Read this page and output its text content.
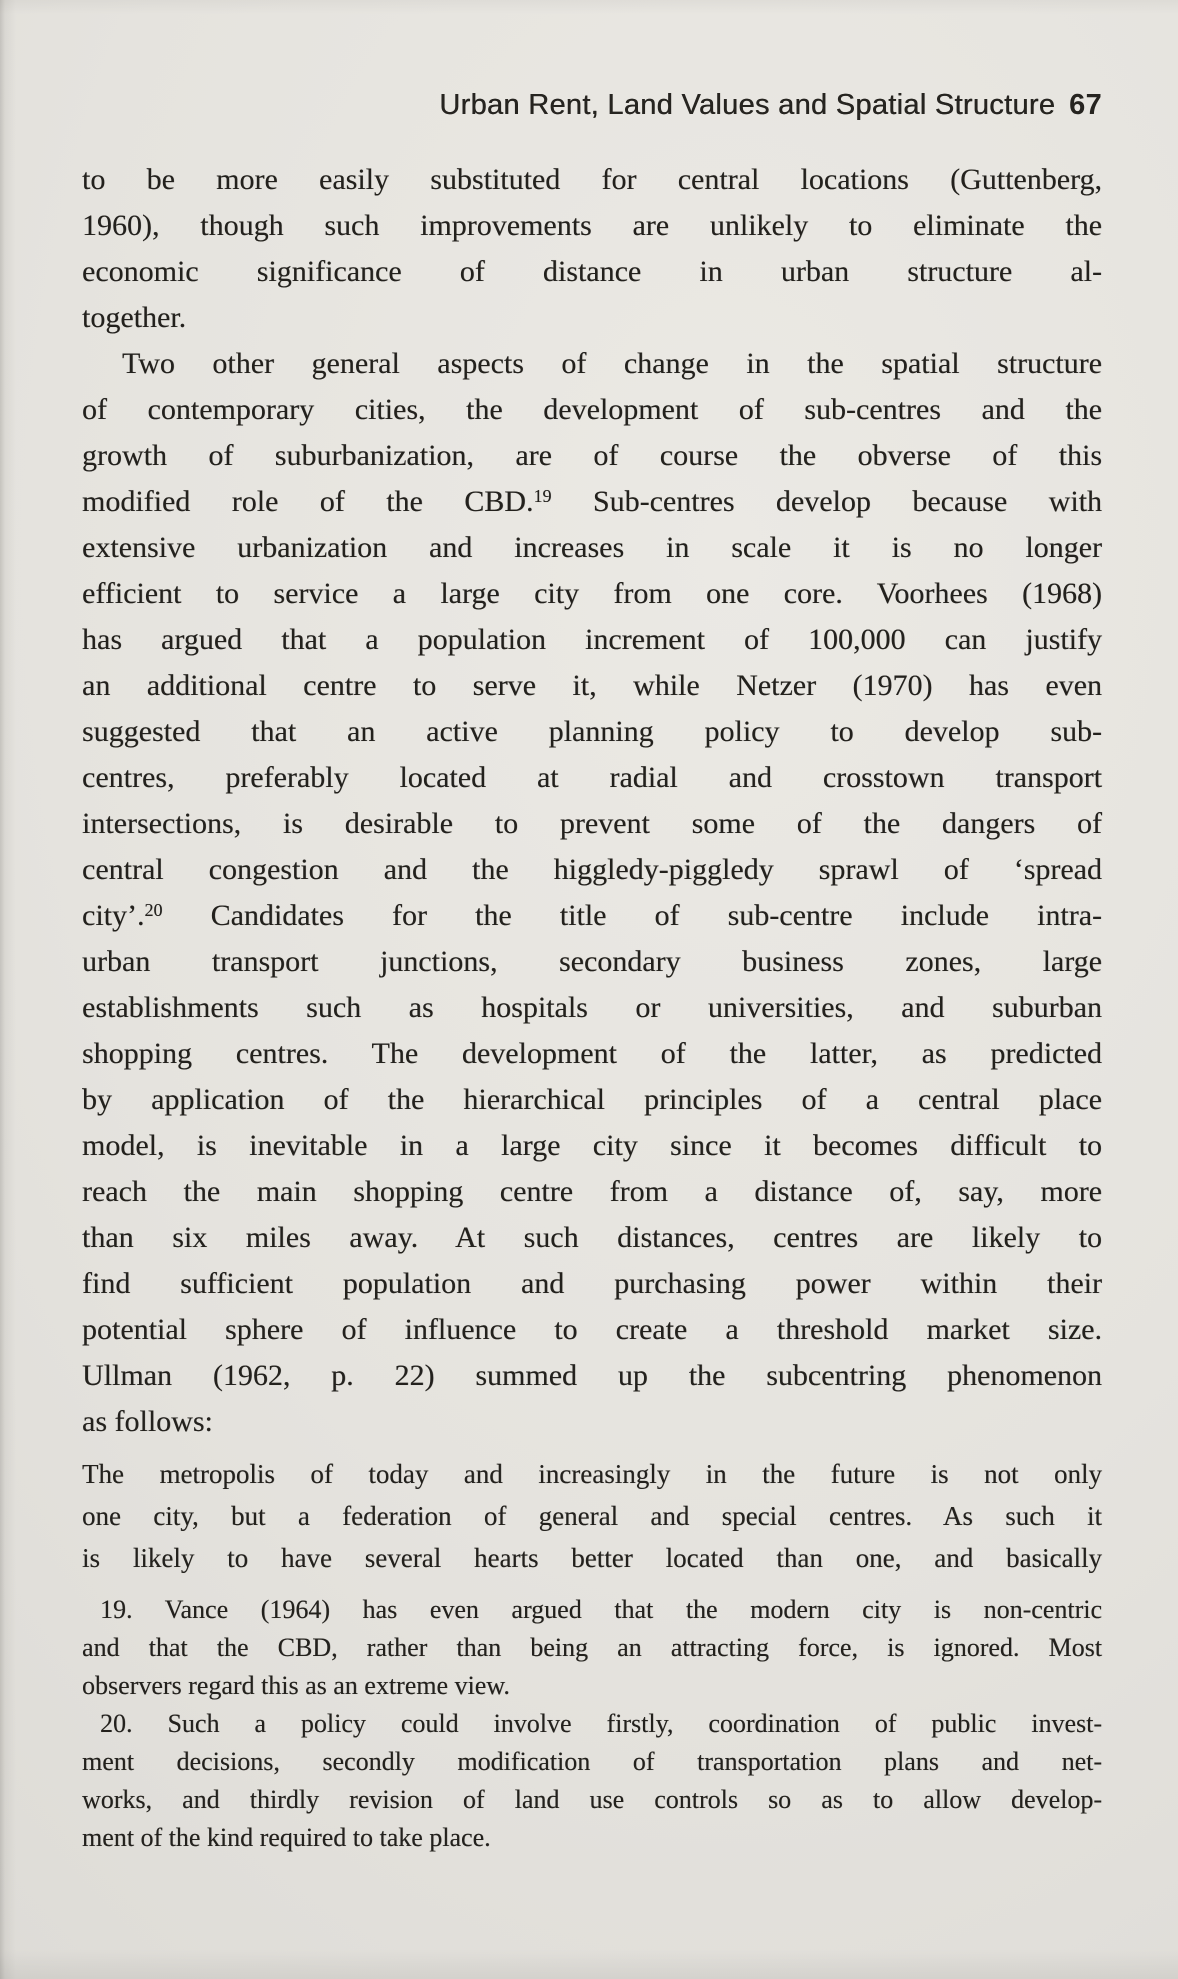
Urban Rent, Land Values and Spatial Structure 67
to be more easily substituted for central locations (Guttenberg,
1960), though such improvements are unlikely to eliminate the
economic significance of distance in urban structure al-
together.
Two other general aspects of change in the spatial structure
of contemporary cities, the development of sub-centres and the
growth of suburbanization, are of course the obverse of this
modified role of the CBD.$^{19}$ Sub-centres develop because with
extensive urbanization and increases in scale it is no longer
efficient to service a large city from one core. Voorhees (1968)
has argued that a population increment of 100,000 can justify
an additional centre to serve it, while Netzer (1970) has even
suggested that an active planning policy to develop sub-
centres, preferably located at radial and crosstown transport
intersections, is desirable to prevent some of the dangers of
central congestion and the higgledy-piggledy sprawl of ‘spread
city’.$^{20}$ Candidates for the title of sub-centre include intra-
urban transport junctions, secondary business zones, large
establishments such as hospitals or universities, and suburban
shopping centres. The development of the latter, as predicted
by application of the hierarchical principles of a central place
model, is inevitable in a large city since it becomes difficult to
reach the main shopping centre from a distance of, say, more
than six miles away. At such distances, centres are likely to
find sufficient population and purchasing power within their
potential sphere of influence to create a threshold market size.
Ullman (1962, p. 22) summed up the subcentring phenomenon
as follows:
The metropolis of today and increasingly in the future is not only
one city, but a federation of general and special centres. As such it
is likely to have several hearts better located than one, and basically
19. Vance (1964) has even argued that the modern city is non-centric
and that the CBD, rather than being an attracting force, is ignored. Most
observers regard this as an extreme view.
20. Such a policy could involve firstly, coordination of public invest-
ment decisions, secondly modification of transportation plans and net-
works, and thirdly revision of land use controls so as to allow develop-
ment of the kind required to take place.
